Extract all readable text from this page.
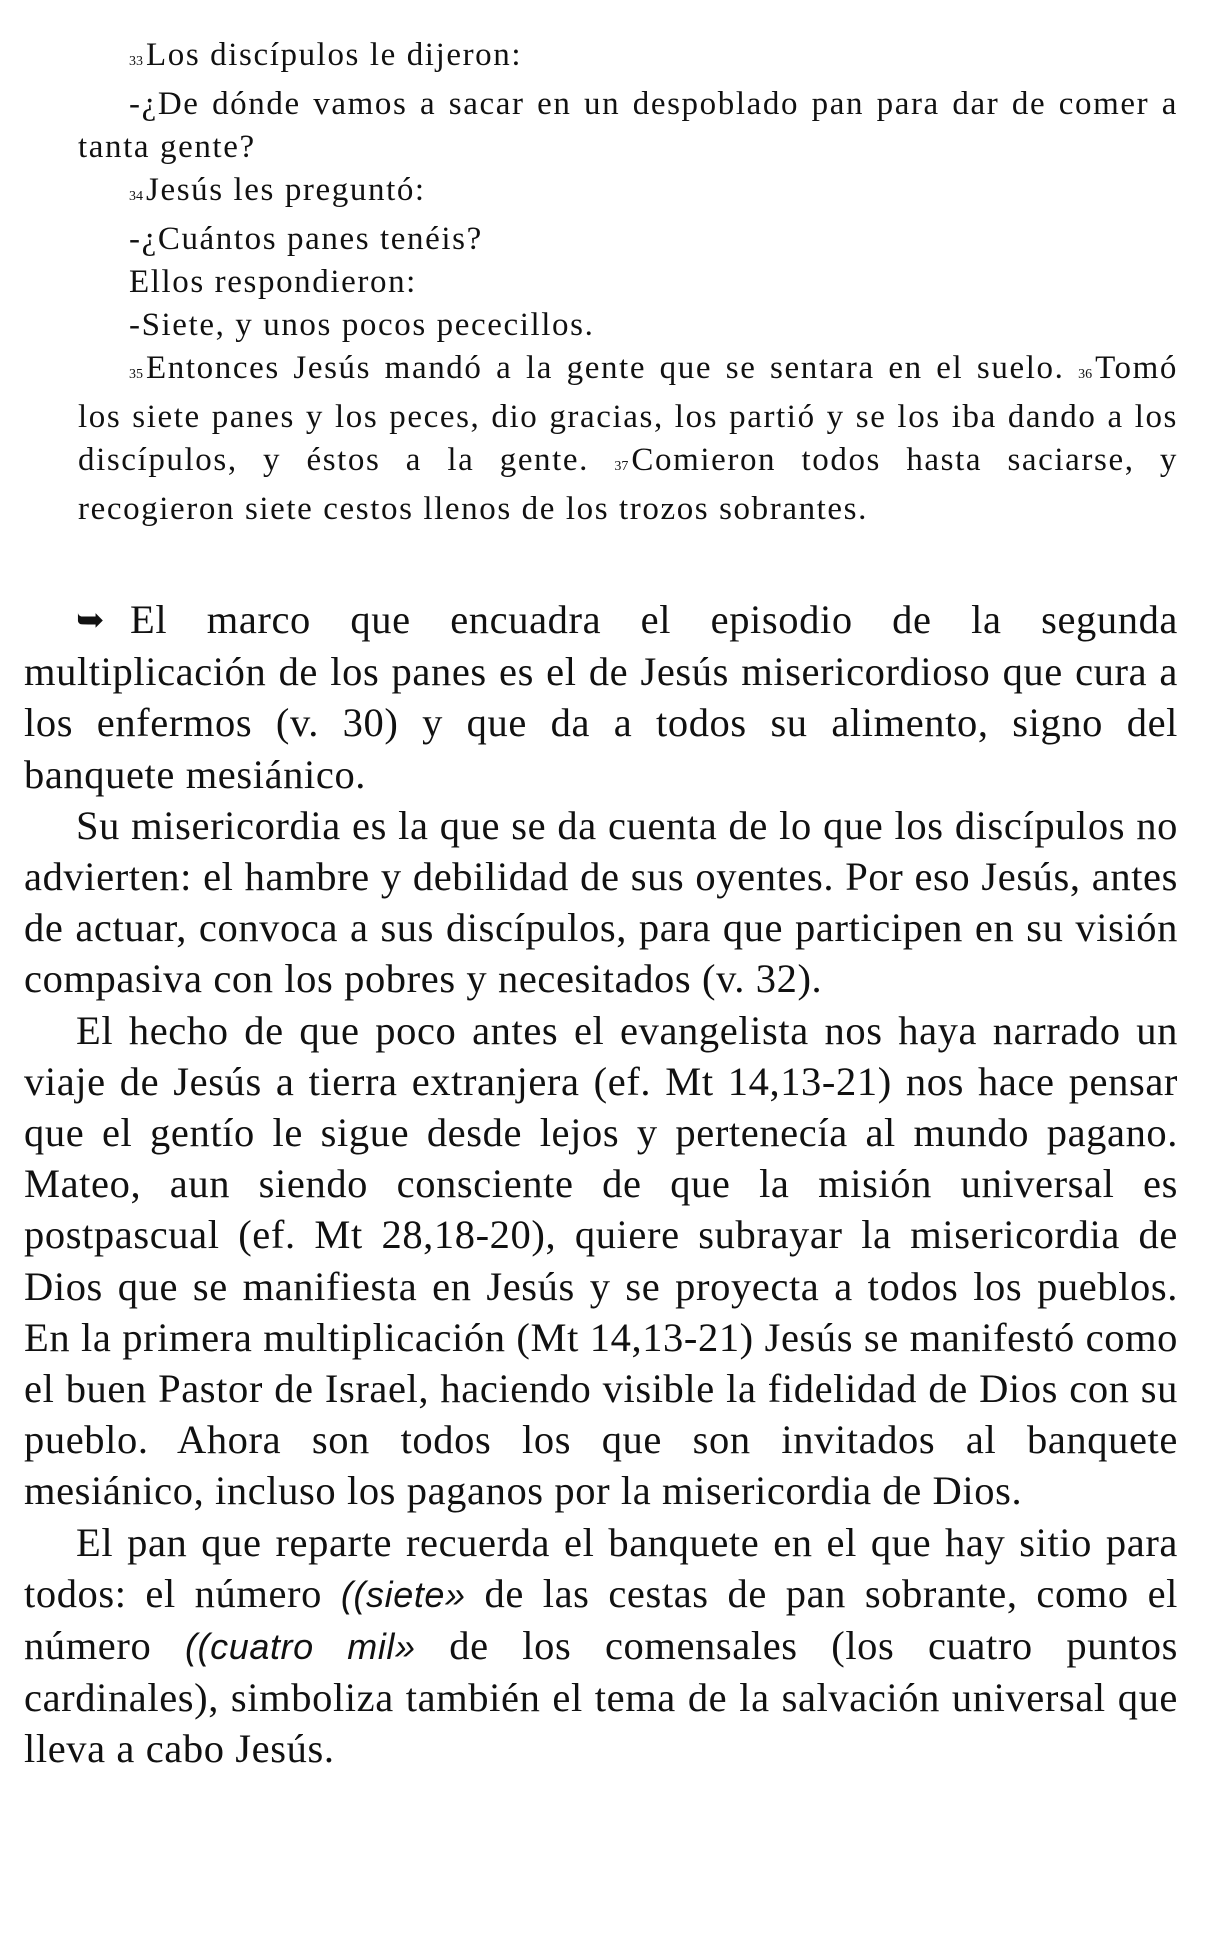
33Los discípulos le dijeron:

-¿De dónde vamos a sacar en un despoblado pan para dar de comer a tanta gente?

34Jesús les preguntó:

-¿Cuántos panes tenéis?

Ellos respondieron:

-Siete, y unos pocos pececillos.

35Entonces Jesús mandó a la gente que se sentara en el suelo. 36Tomó los siete panes y los peces, dio gracias, los partió y se los iba dando a los discípulos, y éstos a la gente. 37Comieron todos hasta saciarse, y recogieron siete cestos llenos de los trozos sobrantes.

➥ El marco que encuadra el episodio de la segunda multiplicación de los panes es el de Jesús misericordioso que cura a los enfermos (v. 30) y que da a todos su alimento, signo del banquete mesiánico.

Su misericordia es la que se da cuenta de lo que los discípulos no advierten: el hambre y debilidad de sus oyentes. Por eso Jesús, antes de actuar, convoca a sus discípulos, para que participen en su visión compasiva con los pobres y necesitados (v. 32).

El hecho de que poco antes el evangelista nos haya narrado un viaje de Jesús a tierra extranjera (ef. Mt 14,13-21) nos hace pensar que el gentío le sigue desde lejos y pertenecía al mundo pagano. Mateo, aun siendo consciente de que la misión universal es postpascual (ef. Mt 28,18-20), quiere subrayar la misericordia de Dios que se manifiesta en Jesús y se proyecta a todos los pueblos. En la primera multiplicación (Mt 14,13-21) Jesús se manifestó como el buen Pastor de Israel, haciendo visible la fidelidad de Dios con su pueblo. Ahora son todos los que son invitados al banquete mesiánico, incluso los paganos por la misericordia de Dios.

El pan que reparte recuerda el banquete en el que hay sitio para todos: el número ((siete» de las cestas de pan sobrante, como el número ((cuatro mil» de los comensales (los cuatro puntos cardinales), simboliza también el tema de la salvación universal que lleva a cabo Jesús.
